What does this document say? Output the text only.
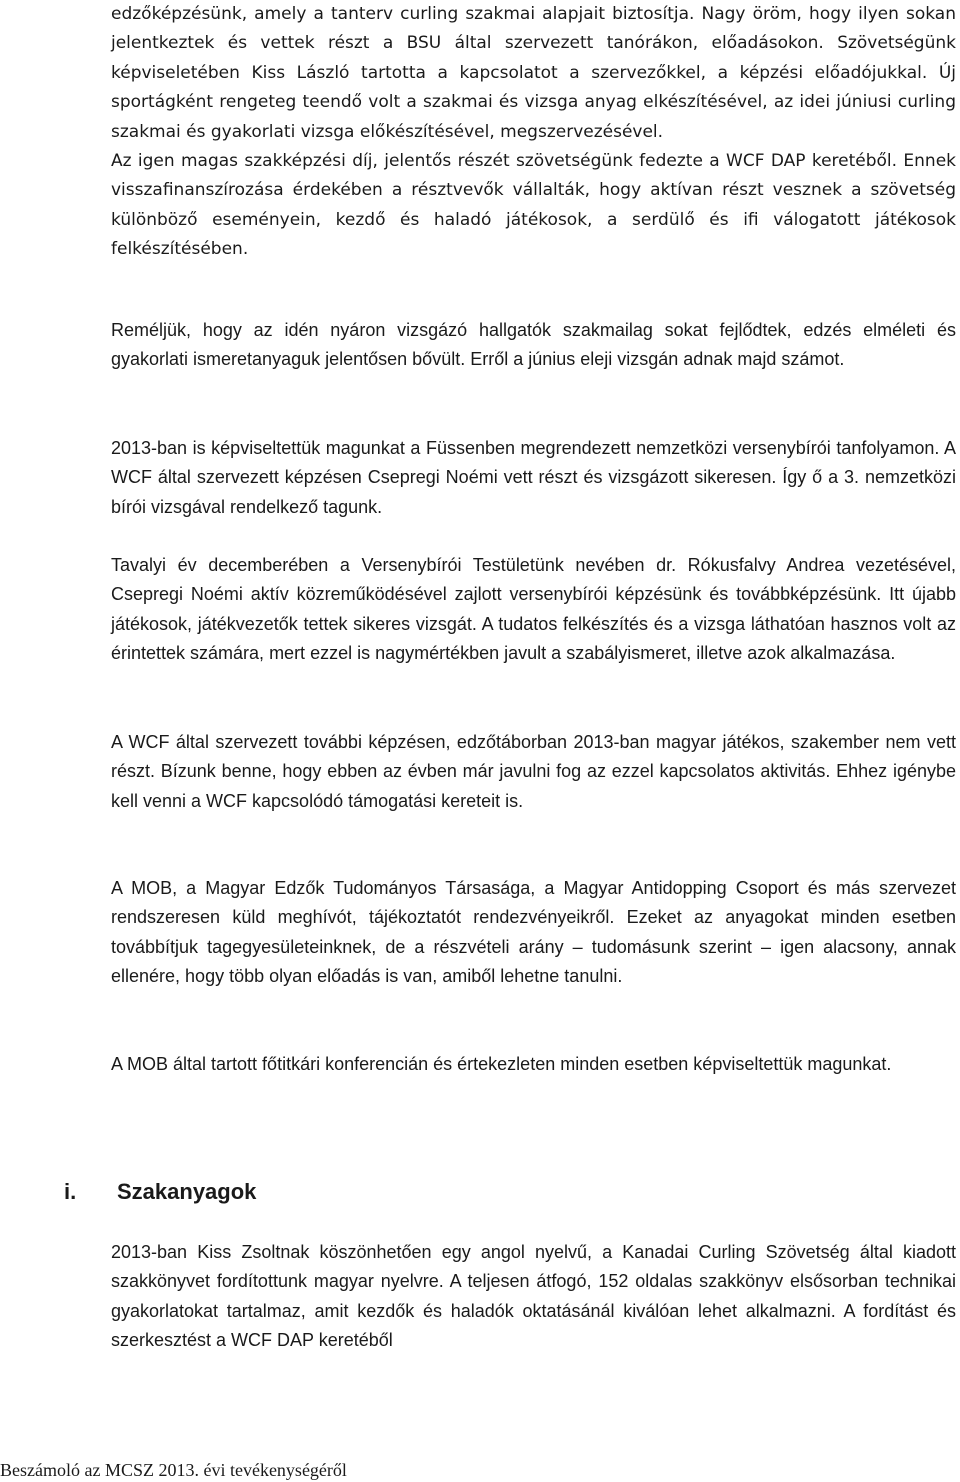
edzőképzésünk, amely a tanterv curling szakmai alapjait biztosítja. Nagy öröm, hogy ilyen sokan jelentkeztek és vettek részt a BSU által szervezett tanórákon, előadásokon. Szövetségünk képviseletében Kiss László tartotta a kapcsolatot a szervezőkkel, a képzési előadójukkal. Új sportágként rengeteg teendő volt a szakmai és vizsga anyag elkészítésével, az idei júniusi curling szakmai és gyakorlati vizsga előkészítésével, megszervezésével.
Az igen magas szakképzési díj, jelentős részét szövetségünk fedezte a WCF DAP keretéből. Ennek visszafinanszírozása érdekében a résztvevők vállalták, hogy aktívan részt vesznek a szövetség különböző eseményein, kezdő és haladó játékosok, a serdülő és ifi válogatott játékosok felkészítésében.
Reméljük, hogy az idén nyáron vizsgázó hallgatók szakmailag sokat fejlődtek, edzés elméleti és gyakorlati ismeretanyaguk jelentősen bővült. Erről a június eleji vizsgán adnak majd számot.
2013-ban is képviseltettük magunkat a Füssenben megrendezett nemzetközi versenybírói tanfolyamon. A WCF által szervezett képzésen Csepregi Noémi vett részt és vizsgázott sikeresen. Így ő a 3. nemzetközi bírói vizsgával rendelkező tagunk.
Tavalyi év decemberében a Versenybírói Testületünk nevében dr. Rókusfalvy Andrea vezetésével, Csepregi Noémi aktív közreműködésével zajlott versenybírói képzésünk és továbbképzésünk. Itt újabb játékosok, játékvezetők tettek sikeres vizsgát. A tudatos felkészítés és a vizsga láthatóan hasznos volt az érintettek számára, mert ezzel is nagymértékben javult a szabályismeret, illetve azok alkalmazása.
A WCF által szervezett további képzésen, edzőtáborban 2013-ban magyar játékos, szakember nem vett részt. Bízunk benne, hogy ebben az évben már javulni fog az ezzel kapcsolatos aktivitás. Ehhez igénybe kell venni a WCF kapcsolódó támogatási kereteit is.
A MOB, a Magyar Edzők Tudományos Társasága, a Magyar Antidopping Csoport és más szervezet rendszeresen küld meghívót, tájékoztatót rendezvényeikről. Ezeket az anyagokat minden esetben továbbítjuk tagegyesületeinknek, de a részvételi arány – tudomásunk szerint – igen alacsony, annak ellenére, hogy több olyan előadás is van, amiből lehetne tanulni.
A MOB által tartott főtitkári konferencián és értekezleten minden esetben képviseltettük magunkat.
i. Szakanyagok
2013-ban Kiss Zsoltnak köszönhetően egy angol nyelvű, a Kanadai Curling Szövetség által kiadott szakkönyvet fordítottunk magyar nyelvre. A teljesen átfogó, 152 oldalas szakkönyv elsősorban technikai gyakorlatokat tartalmaz, amit kezdők és haladók oktatásánál kiválóan lehet alkalmazni. A fordítást és szerkesztést a WCF DAP keretéből

Beszámoló az MCSZ 2013. évi tevékenységéről
